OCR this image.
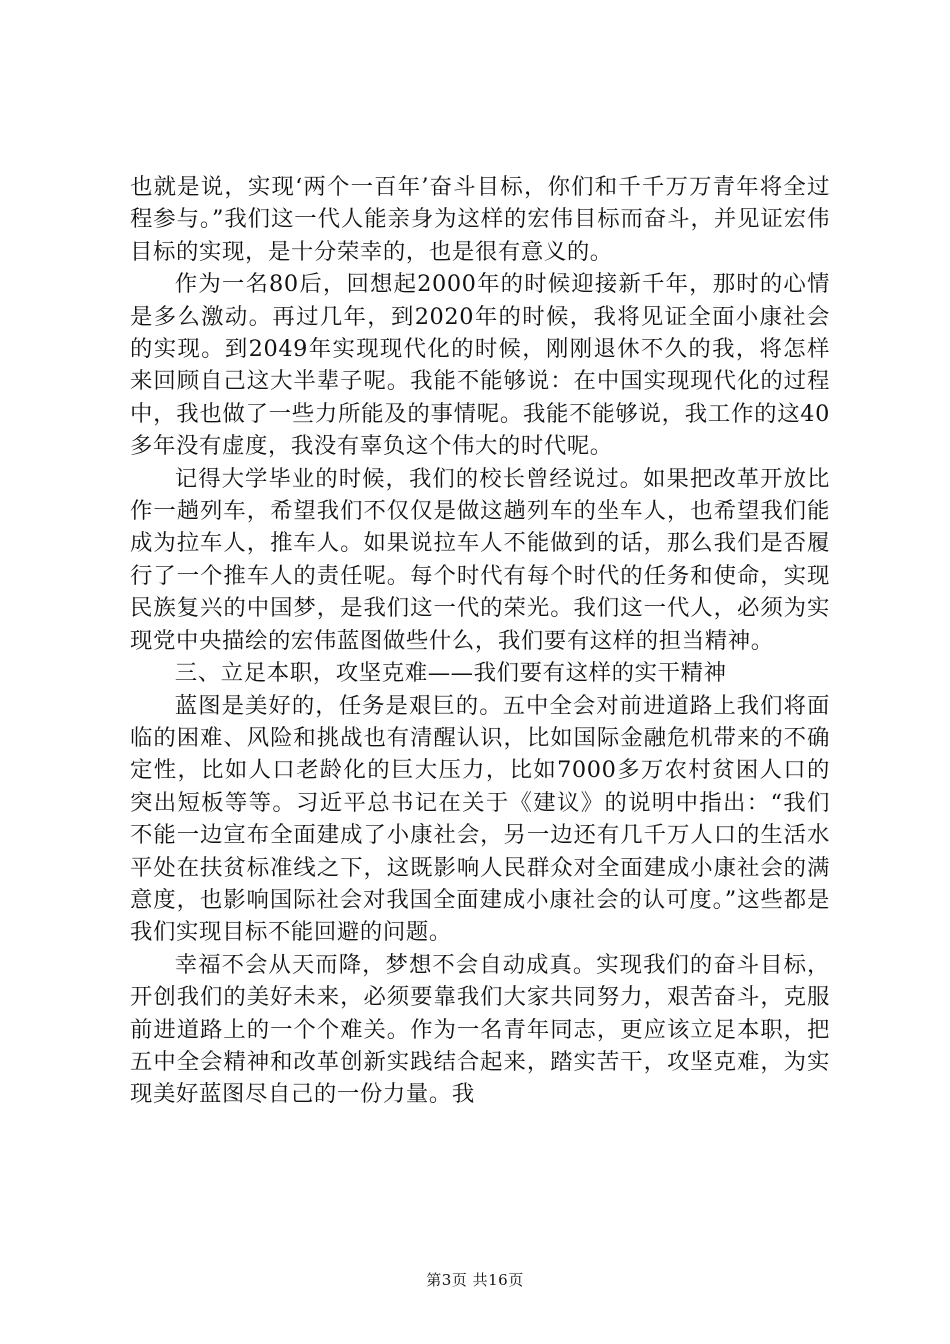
也就是说，实现‘两个一百年’奋斗目标，你们和千千万万青年将全过程参与。”我们这一代人能亲身为这样的宏伟目标而奋斗，并见证宏伟目标的实现，是十分荣幸的，也是很有意义的。

作为一名80后，回想起2000年的时候迎接新千年，那时的心情是多么激动。再过几年，到2020年的时候，我将见证全面小康社会的实现。到2049年实现现代化的时候，刚刚退休不久的我，将怎样来回顾自己这大半辈子呢。我能不能够说：在中国实现现代化的过程中，我也做了一些力所能及的事情呢。我能不能够说，我工作的这40多年没有虚度，我没有辜负这个伟大的时代呢。

记得大学毕业的时候，我们的校长曾经说过。如果把改革开放比作一趟列车，希望我们不仅仅是做这趟列车的坐车人，也希望我们能成为拉车人，推车人。如果说拉车人不能做到的话，那么我们是否履行了一个推车人的责任呢。每个时代有每个时代的任务和使命，实现民族复兴的中国梦，是我们这一代的荣光。我们这一代人，必须为实现党中央描绘的宏伟蓝图做些什么，我们要有这样的担当精神。

三、立足本职，攻坚克难——我们要有这样的实干精神

蓝图是美好的，任务是艰巨的。五中全会对前进道路上我们将面临的困难、风险和挑战也有清醒认识，比如国际金融危机带来的不确定性，比如人口老龄化的巨大压力，比如7000多万农村贫困人口的突出短板等等。习近平总书记在关于《建议》的说明中指出：“我们不能一边宣布全面建成了小康社会，另一边还有几千万人口的生活水平处在扶贫标准线之下，这既影响人民群众对全面建成小康社会的满意度，也影响国际社会对我国全面建成小康社会的认可度。”这些都是我们实现目标不能回避的问题。

幸福不会从天而降，梦想不会自动成真。实现我们的奋斗目标，开创我们的美好未来，必须要靠我们大家共同努力，艰苦奋斗，克服前进道路上的一个个难关。作为一名青年同志，更应该立足本职，把五中全会精神和改革创新实践结合起来，踏实苦干，攻坚克难，为实现美好蓝图尽自己的一份力量。我

第3页 共16页
